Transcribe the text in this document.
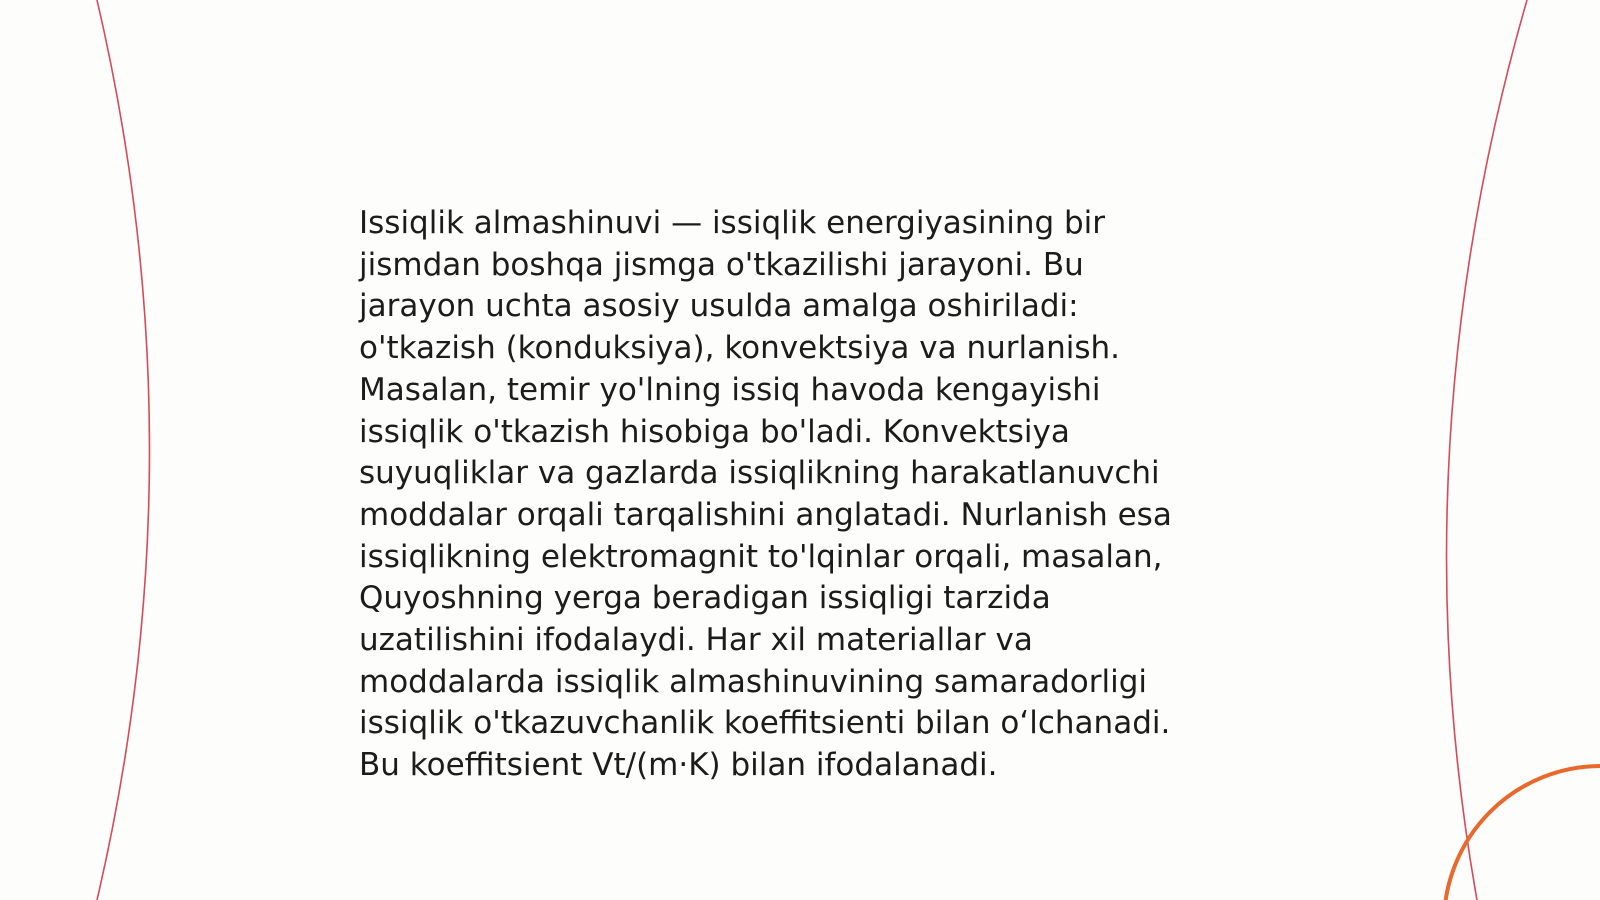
Issiqlik almashinuvi — issiqlik energiyasining bir
jismdan boshqa jismga o'tkazilishi jarayoni. Bu
jarayon uchta asosiy usulda amalga oshiriladi:
o'tkazish (konduksiya), konvektsiya va nurlanish.
Masalan, temir yo'lning issiq havoda kengayishi
issiqlik o'tkazish hisobiga bo'ladi. Konvektsiya
suyuqliklar va gazlarda issiqlikning harakatlanuvchi
moddalar orqali tarqalishini anglatadi. Nurlanish esa
issiqlikning elektromagnit to'lqinlar orqali, masalan,
Quyoshning yerga beradigan issiqligi tarzida
uzatilishini ifodalaydi. Har xil materiallar va
moddalarda issiqlik almashinuvining samaradorligi
issiqlik o'tkazuvchanlik koeffitsienti bilan o‘lchanadi.
Bu koeffitsient Vt/(m·K) bilan ifodalanadi.
